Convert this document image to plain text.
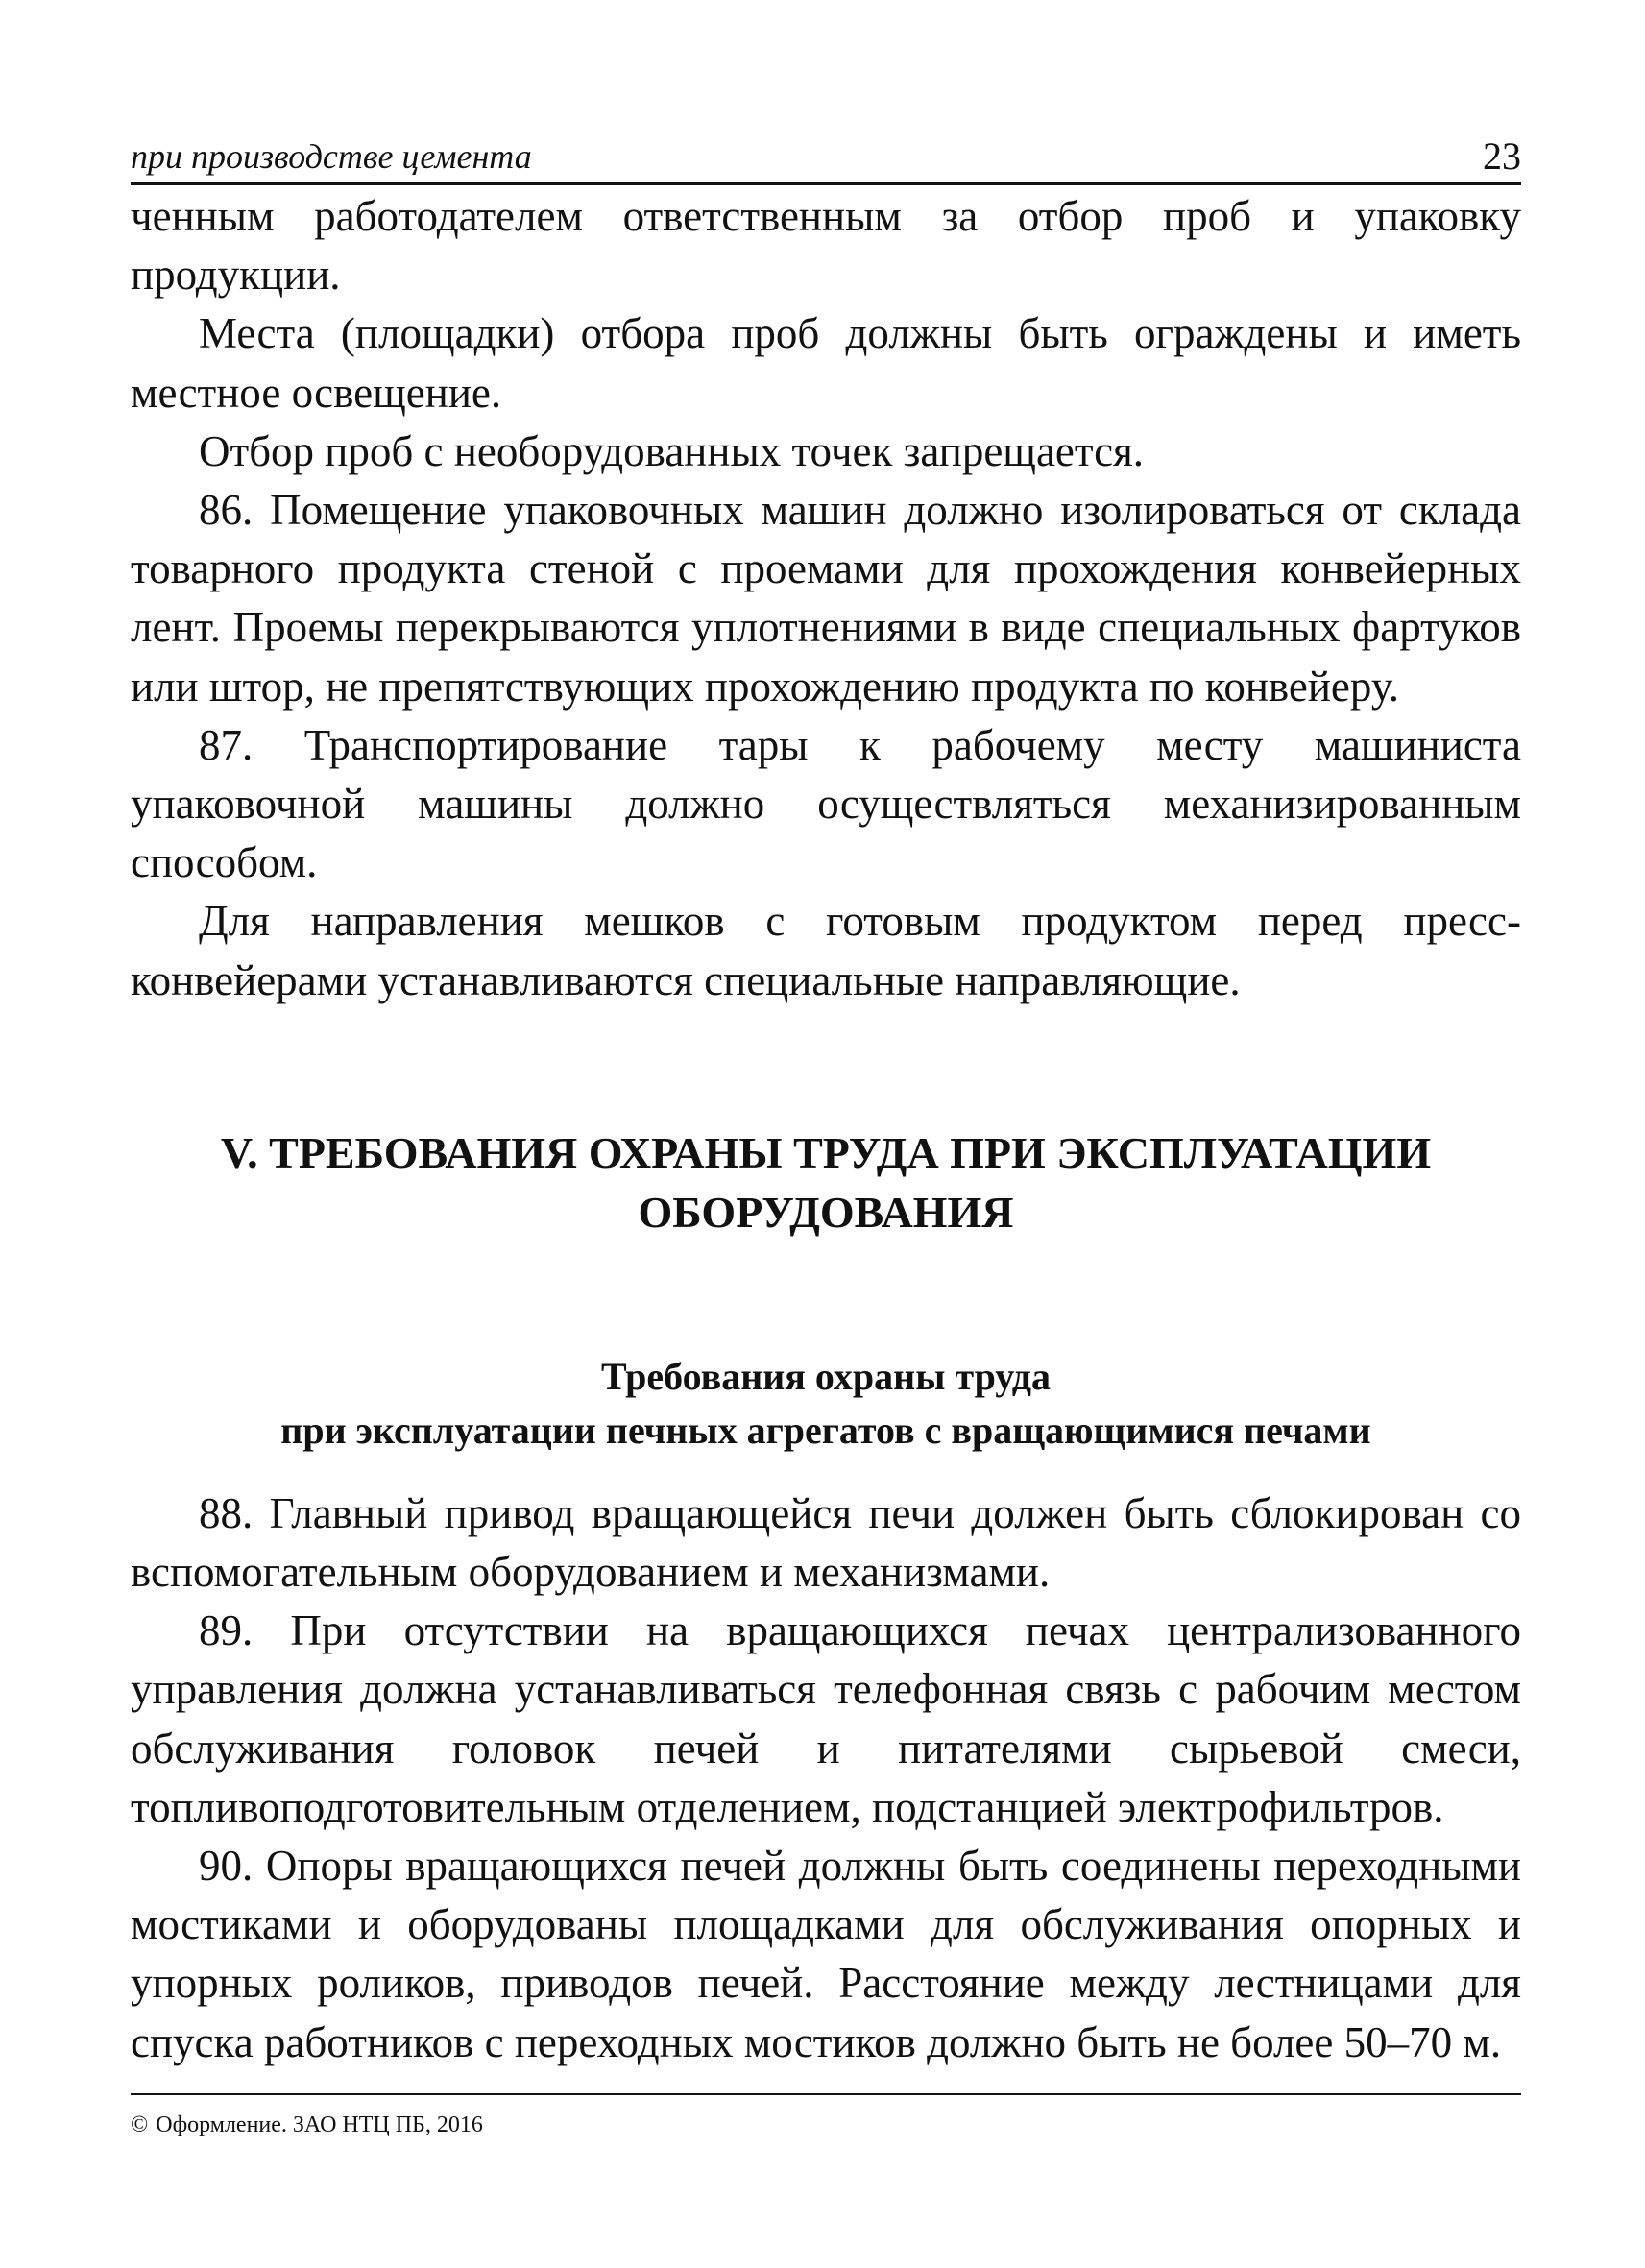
при производстве цемента	23

ченным работодателем ответственным за отбор проб и упаковку продукции.

Места (площадки) отбора проб должны быть ограждены и иметь местное освещение.

Отбор проб с необорудованных точек запрещается.

86. Помещение упаковочных машин должно изолироваться от склада товарного продукта стеной с проемами для прохождения конвейерных лент. Проемы перекрываются уплотнениями в виде специальных фартуков или штор, не препятствующих прохождению продукта по конвейеру.

87. Транспортирование тары к рабочему месту машиниста упаковочной машины должно осуществляться механизированным способом.

Для направления мешков с готовым продуктом перед пресс-конвейерами устанавливаются специальные направляющие.

V. ТРЕБОВАНИЯ ОХРАНЫ ТРУДА ПРИ ЭКСПЛУАТАЦИИ
ОБОРУДОВАНИЯ
Требования охраны труда
при эксплуатации печных агрегатов с вращающимися печами

88. Главный привод вращающейся печи должен быть сблокирован со вспомогательным оборудованием и механизмами.

89. При отсутствии на вращающихся печах централизованного управления должна устанавливаться телефонная связь с рабочим местом обслуживания головок печей и питателями сырьевой смеси, топливоподготовительным отделением, подстанцией электрофильтров.

90. Опоры вращающихся печей должны быть соединены переходными мостиками и оборудованы площадками для обслуживания опорных и упорных роликов, приводов печей. Расстояние между лестницами для спуска работников с переходных мостиков должно быть не более 50–70 м.

© Оформление. ЗАО НТЦ ПБ, 2016
